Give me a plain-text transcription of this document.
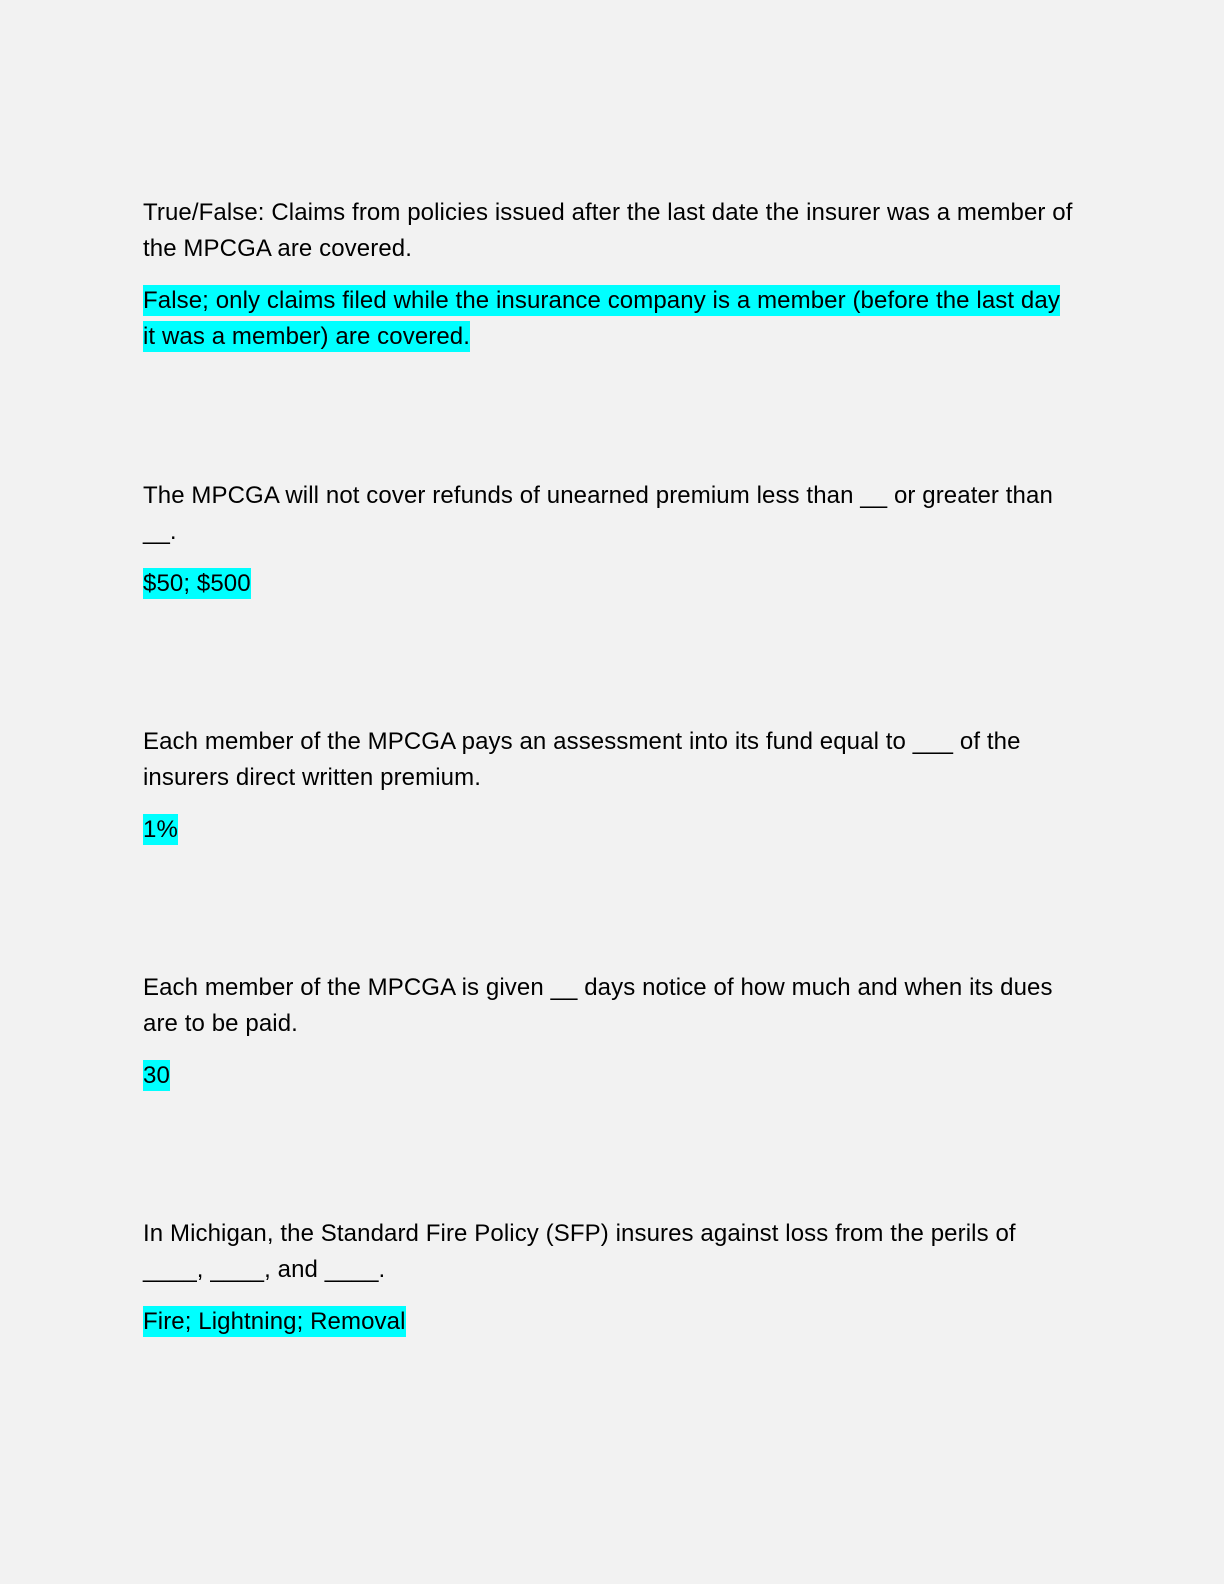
True/False: Claims from policies issued after the last date the insurer was a member of the MPCGA are covered.

False; only claims filed while the insurance company is a member (before the last day it was a member) are covered.

The MPCGA will not cover refunds of unearned premium less than __ or greater than __.

$50; $500

Each member of the MPCGA pays an assessment into its fund equal to ___ of the insurers direct written premium.

1%

Each member of the MPCGA is given __ days notice of how much and when its dues are to be paid.

30

In Michigan, the Standard Fire Policy (SFP) insures against loss from the perils of ____, ____, and ____.

Fire; Lightning; Removal
